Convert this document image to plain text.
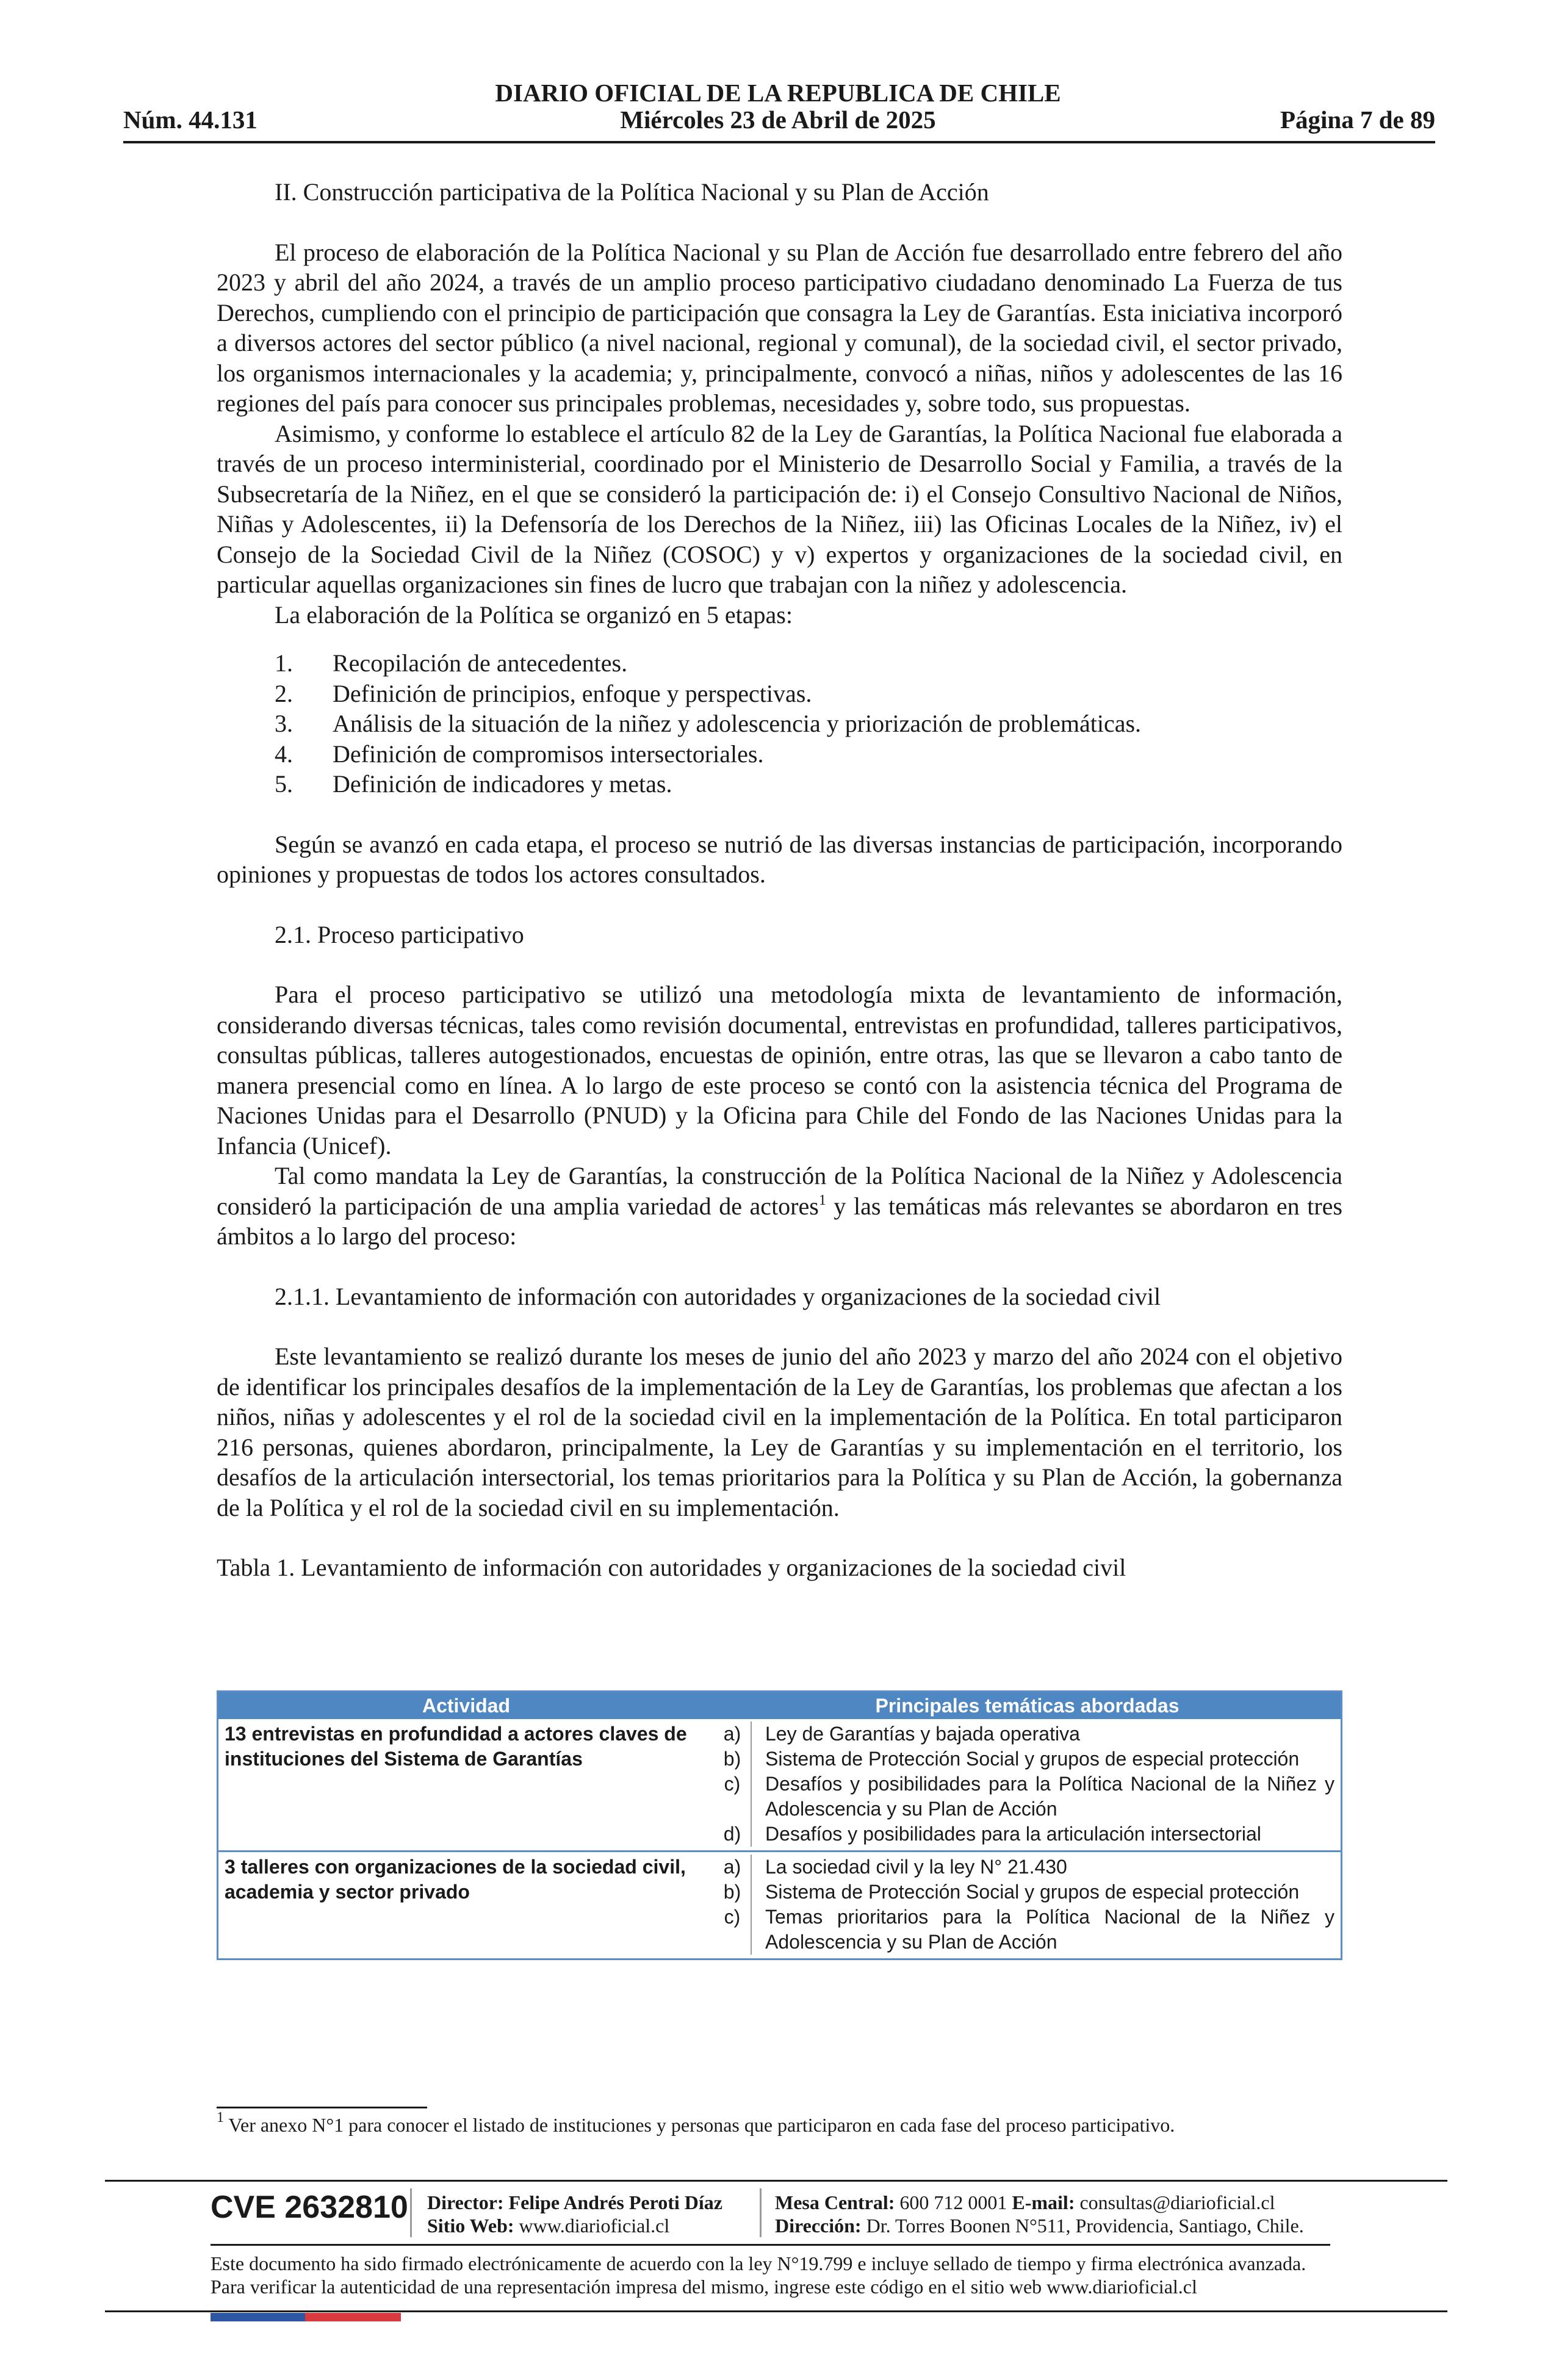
DIARIO OFICIAL DE LA REPUBLICA DE CHILE
Núm. 44.131	Miércoles 23 de Abril de 2025	Página 7 de 89

II. Construcción participativa de la Política Nacional y su Plan de Acción

El proceso de elaboración de la Política Nacional y su Plan de Acción fue desarrollado entre febrero del año 2023 y abril del año 2024, a través de un amplio proceso participativo ciudadano denominado La Fuerza de tus Derechos, cumpliendo con el principio de participación que consagra la Ley de Garantías. Esta iniciativa incorporó a diversos actores del sector público (a nivel nacional, regional y comunal), de la sociedad civil, el sector privado, los organismos internacionales y la academia; y, principalmente, convocó a niñas, niños y adolescentes de las 16 regiones del país para conocer sus principales problemas, necesidades y, sobre todo, sus propuestas.

Asimismo, y conforme lo establece el artículo 82 de la Ley de Garantías, la Política Nacional fue elaborada a través de un proceso interministerial, coordinado por el Ministerio de Desarrollo Social y Familia, a través de la Subsecretaría de la Niñez, en el que se consideró la participación de: i) el Consejo Consultivo Nacional de Niños, Niñas y Adolescentes, ii) la Defensoría de los Derechos de la Niñez, iii) las Oficinas Locales de la Niñez, iv) el Consejo de la Sociedad Civil de la Niñez (COSOC) y v) expertos y organizaciones de la sociedad civil, en particular aquellas organizaciones sin fines de lucro que trabajan con la niñez y adolescencia.

La elaboración de la Política se organizó en 5 etapas:

1. Recopilación de antecedentes.
2. Definición de principios, enfoque y perspectivas.
3. Análisis de la situación de la niñez y adolescencia y priorización de problemáticas.
4. Definición de compromisos intersectoriales.
5. Definición de indicadores y metas.

Según se avanzó en cada etapa, el proceso se nutrió de las diversas instancias de participación, incorporando opiniones y propuestas de todos los actores consultados.

2.1. Proceso participativo

Para el proceso participativo se utilizó una metodología mixta de levantamiento de información, considerando diversas técnicas, tales como revisión documental, entrevistas en profundidad, talleres participativos, consultas públicas, talleres autogestionados, encuestas de opinión, entre otras, las que se llevaron a cabo tanto de manera presencial como en línea. A lo largo de este proceso se contó con la asistencia técnica del Programa de Naciones Unidas para el Desarrollo (PNUD) y la Oficina para Chile del Fondo de las Naciones Unidas para la Infancia (Unicef).

Tal como mandata la Ley de Garantías, la construcción de la Política Nacional de la Niñez y Adolescencia consideró la participación de una amplia variedad de actores$^1$ y las temáticas más relevantes se abordaron en tres ámbitos a lo largo del proceso:

2.1.1. Levantamiento de información con autoridades y organizaciones de la sociedad civil

Este levantamiento se realizó durante los meses de junio del año 2023 y marzo del año 2024 con el objetivo de identificar los principales desafíos de la implementación de la Ley de Garantías, los problemas que afectan a los niños, niñas y adolescentes y el rol de la sociedad civil en la implementación de la Política. En total participaron 216 personas, quienes abordaron, principalmente, la Ley de Garantías y su implementación en el territorio, los desafíos de la articulación intersectorial, los temas prioritarios para la Política y su Plan de Acción, la gobernanza de la Política y el rol de la sociedad civil en su implementación.

Tabla 1. Levantamiento de información con autoridades y organizaciones de la sociedad civil

Actividad	Principales temáticas abordadas
13 entrevistas en profundidad a actores claves de instituciones del Sistema de Garantías
a)	Ley de Garantías y bajada operativa
b)	Sistema de Protección Social y grupos de especial protección
c)	Desafíos y posibilidades para la Política Nacional de la Niñez y Adolescencia y su Plan de Acción
d)	Desafíos y posibilidades para la articulación intersectorial
3 talleres con organizaciones de la sociedad civil, academia y sector privado
a)	La sociedad civil y la ley N° 21.430
b)	Sistema de Protección Social y grupos de especial protección
c)	Temas prioritarios para la Política Nacional de la Niñez y Adolescencia y su Plan de Acción
$^1$ Ver anexo N°1 para conocer el listado de instituciones y personas que participaron en cada fase del proceso participativo.
CVE 2632810 Director: Felipe Andrés Peroti Díaz
Sitio Web: www.diarioficial.cl
Mesa Central: 600 712 0001 E-mail: consultas@diarioficial.cl
Dirección: Dr. Torres Boonen N°511, Providencia, Santiago, Chile.
Este documento ha sido firmado electrónicamente de acuerdo con la ley N°19.799 e incluye sellado de tiempo y firma electrónica avanzada. Para verificar la autenticidad de una representación impresa del mismo, ingrese este código en el sitio web www.diarioficial.cl
